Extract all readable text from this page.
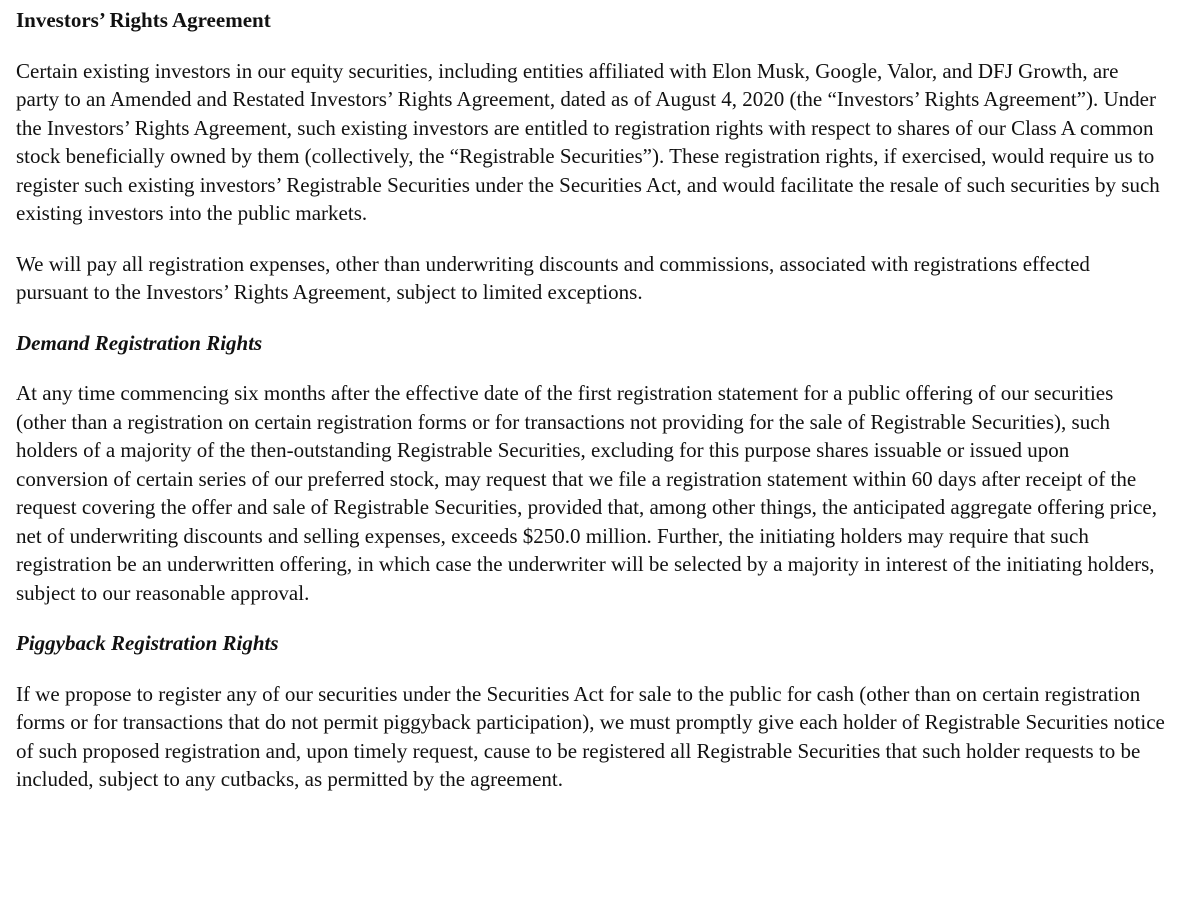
Investors’ Rights Agreement

Certain existing investors in our equity securities, including entities affiliated with Elon Musk, Google, Valor, and DFJ Growth, are party to an Amended and Restated Investors’ Rights Agreement, dated as of August 4, 2020 (the “Investors’ Rights Agreement”). Under the Investors’ Rights Agreement, such existing investors are entitled to registration rights with respect to shares of our Class A common stock beneficially owned by them (collectively, the “Registrable Securities”). These registration rights, if exercised, would require us to register such existing investors’ Registrable Securities under the Securities Act, and would facilitate the resale of such securities by such existing investors into the public markets.

We will pay all registration expenses, other than underwriting discounts and commissions, associated with registrations effected pursuant to the Investors’ Rights Agreement, subject to limited exceptions.

Demand Registration Rights

At any time commencing six months after the effective date of the first registration statement for a public offering of our securities (other than a registration on certain registration forms or for transactions not providing for the sale of Registrable Securities), such holders of a majority of the then-outstanding Registrable Securities, excluding for this purpose shares issuable or issued upon conversion of certain series of our preferred stock, may request that we file a registration statement within 60 days after receipt of the request covering the offer and sale of Registrable Securities, provided that, among other things, the anticipated aggregate offering price, net of underwriting discounts and selling expenses, exceeds $250.0 million. Further, the initiating holders may require that such registration be an underwritten offering, in which case the underwriter will be selected by a majority in interest of the initiating holders, subject to our reasonable approval.

Piggyback Registration Rights

If we propose to register any of our securities under the Securities Act for sale to the public for cash (other than on certain registration forms or for transactions that do not permit piggyback participation), we must promptly give each holder of Registrable Securities notice of such proposed registration and, upon timely request, cause to be registered all Registrable Securities that such holder requests to be included, subject to any cutbacks, as permitted by the agreement.
